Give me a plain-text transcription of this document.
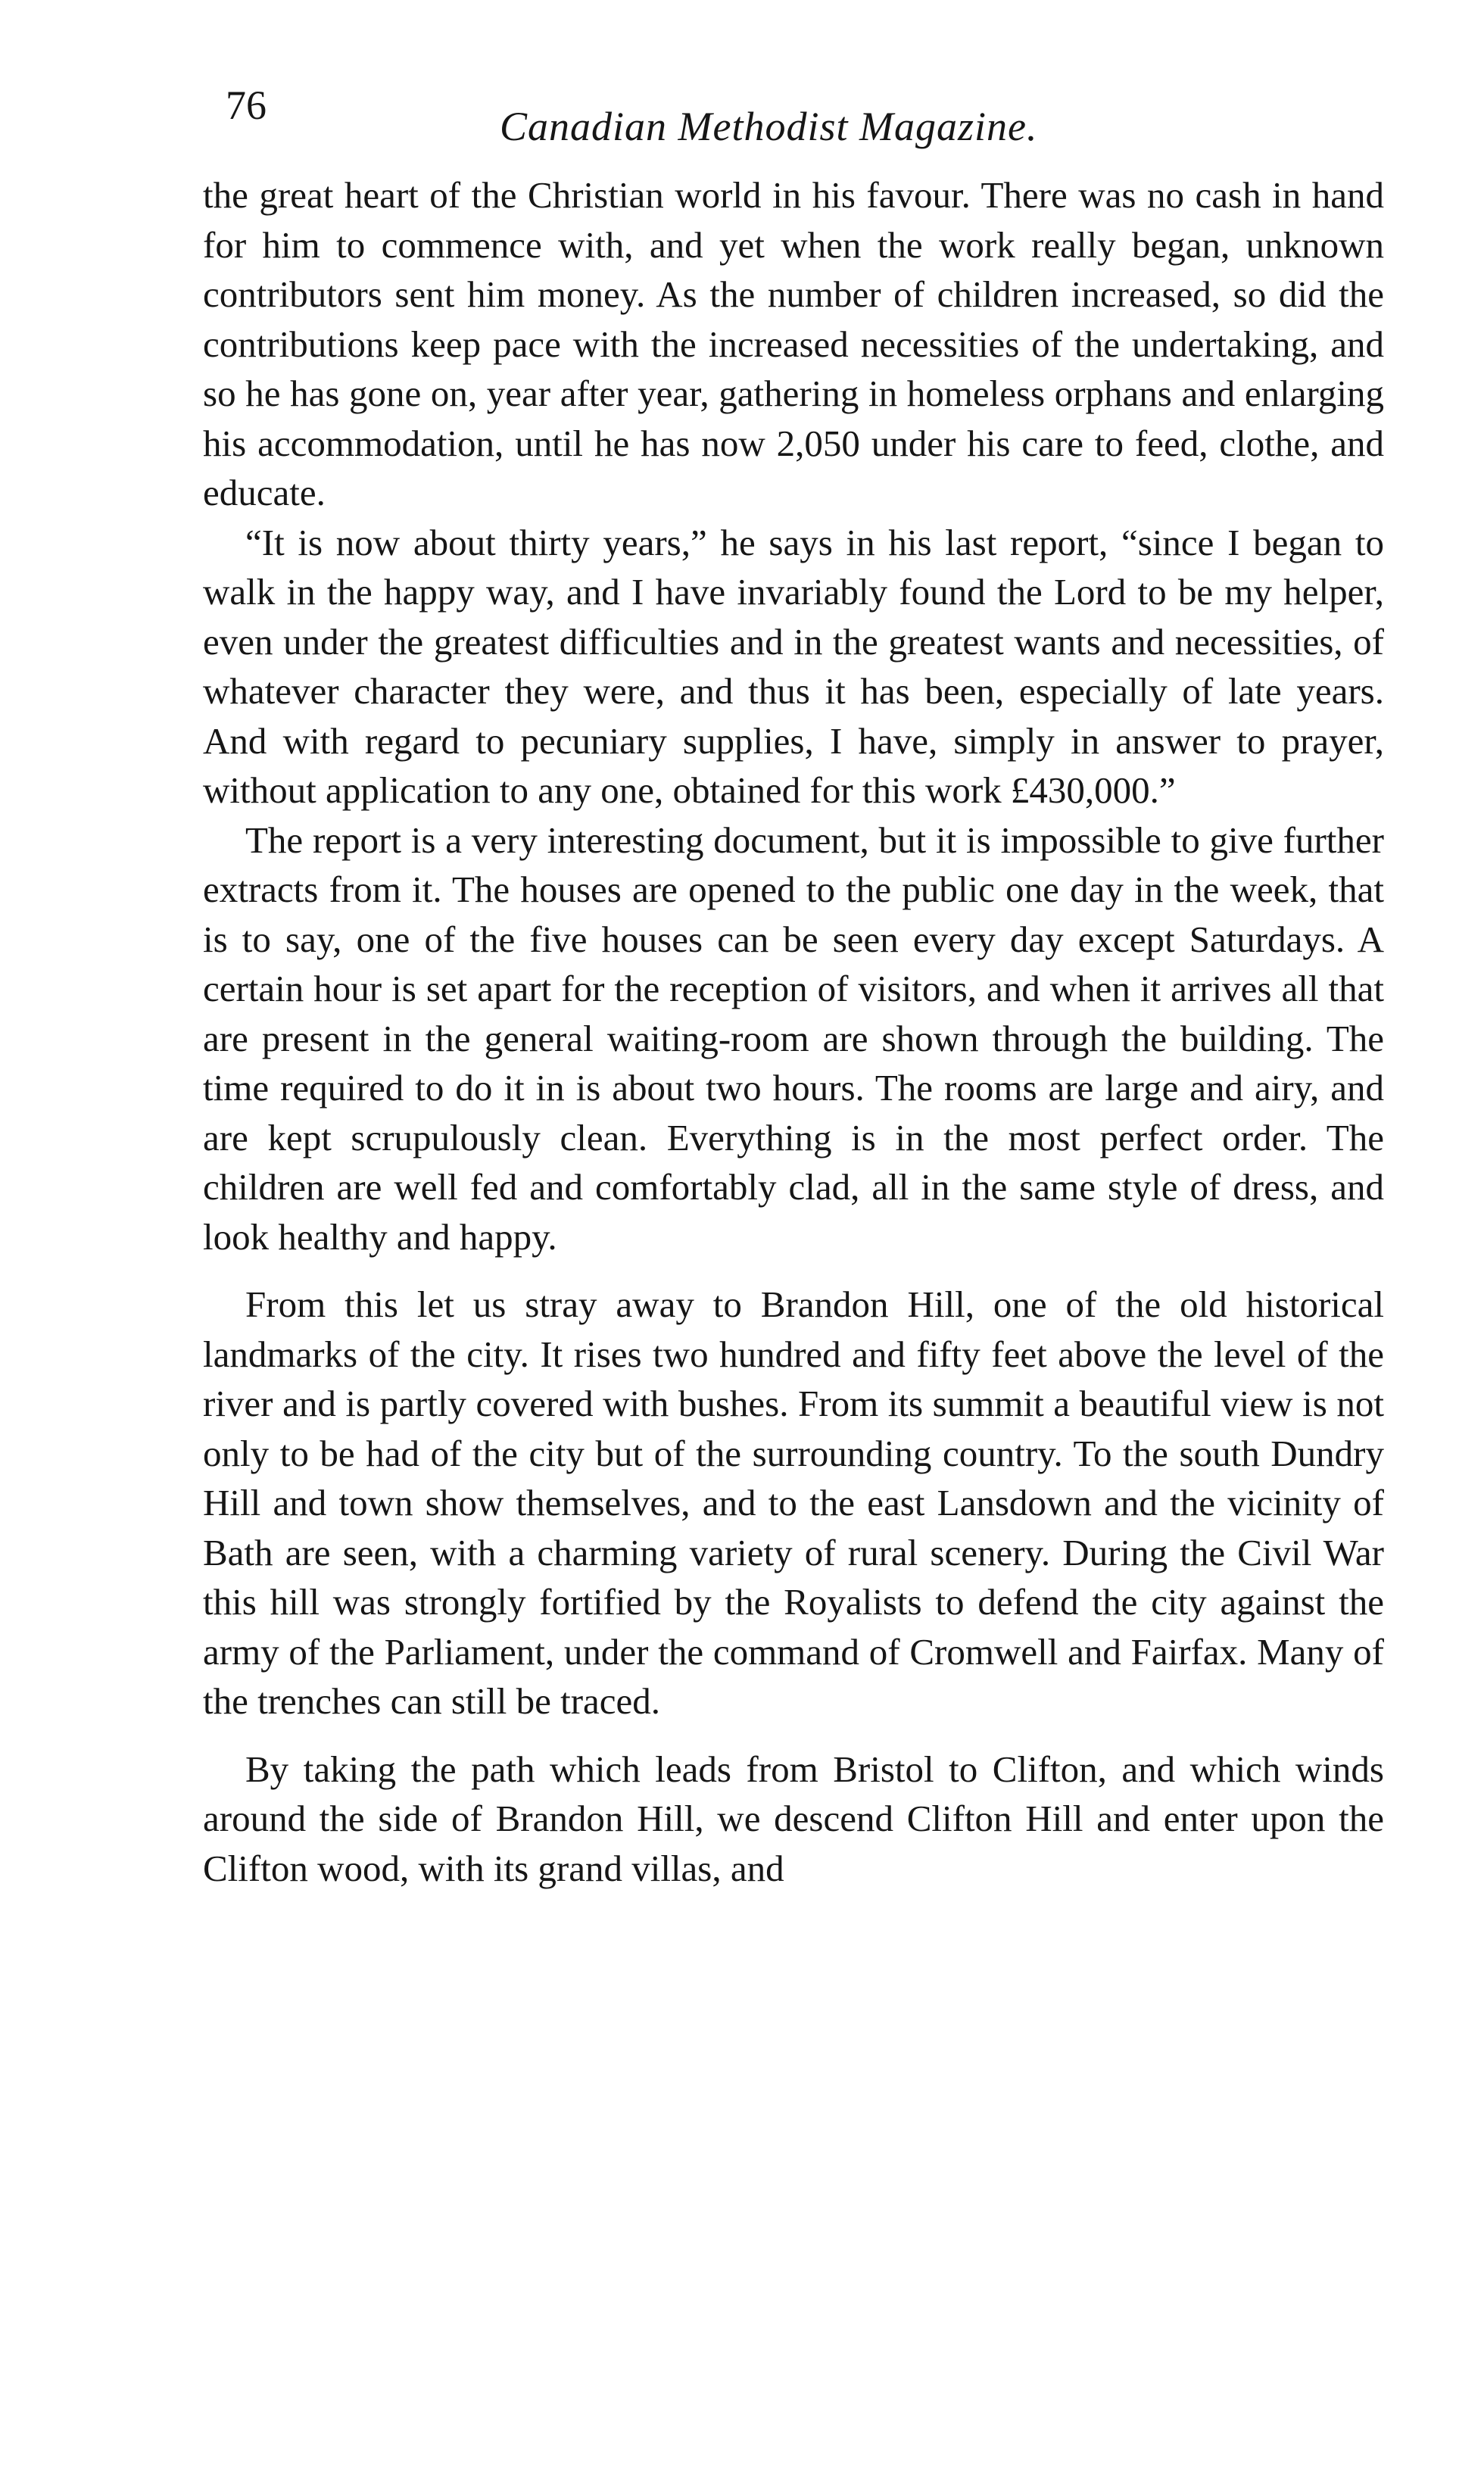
76	Canadian Methodist Magazine.

the great heart of the Christian world in his favour. There was no cash in hand for him to commence with, and yet when the work really began, unknown contributors sent him money. As the number of children increased, so did the contributions keep pace with the increased necessities of the undertaking, and so he has gone on, year after year, gathering in homeless orphans and enlarging his accommodation, until he has now 2,050 under his care to feed, clothe, and educate.

“It is now about thirty years,” he says in his last report, “since I began to walk in the happy way, and I have invariably found the Lord to be my helper, even under the greatest difficulties and in the greatest wants and necessities, of whatever character they were, and thus it has been, especially of late years. And with regard to pecuniary supplies, I have, simply in answer to prayer, without application to any one, obtained for this work £430,000.”

The report is a very interesting document, but it is impossible to give further extracts from it. The houses are opened to the public one day in the week, that is to say, one of the five houses can be seen every day except Saturdays. A certain hour is set apart for the reception of visitors, and when it arrives all that are present in the general waiting-room are shown through the building. The time required to do it in is about two hours. The rooms are large and airy, and are kept scrupulously clean. Everything is in the most perfect order. The children are well fed and comfortably clad, all in the same style of dress, and look healthy and happy.

From this let us stray away to Brandon Hill, one of the old historical landmarks of the city. It rises two hundred and fifty feet above the level of the river and is partly covered with bushes. From its summit a beautiful view is not only to be had of the city but of the surrounding country. To the south Dundry Hill and town show themselves, and to the east Lansdown and the vicinity of Bath are seen, with a charming variety of rural scenery. During the Civil War this hill was strongly fortified by the Royalists to defend the city against the army of the Parliament, under the command of Cromwell and Fairfax. Many of the trenches can still be traced.

By taking the path which leads from Bristol to Clifton, and which winds around the side of Brandon Hill, we descend Clifton Hill and enter upon the Clifton wood, with its grand villas, and
